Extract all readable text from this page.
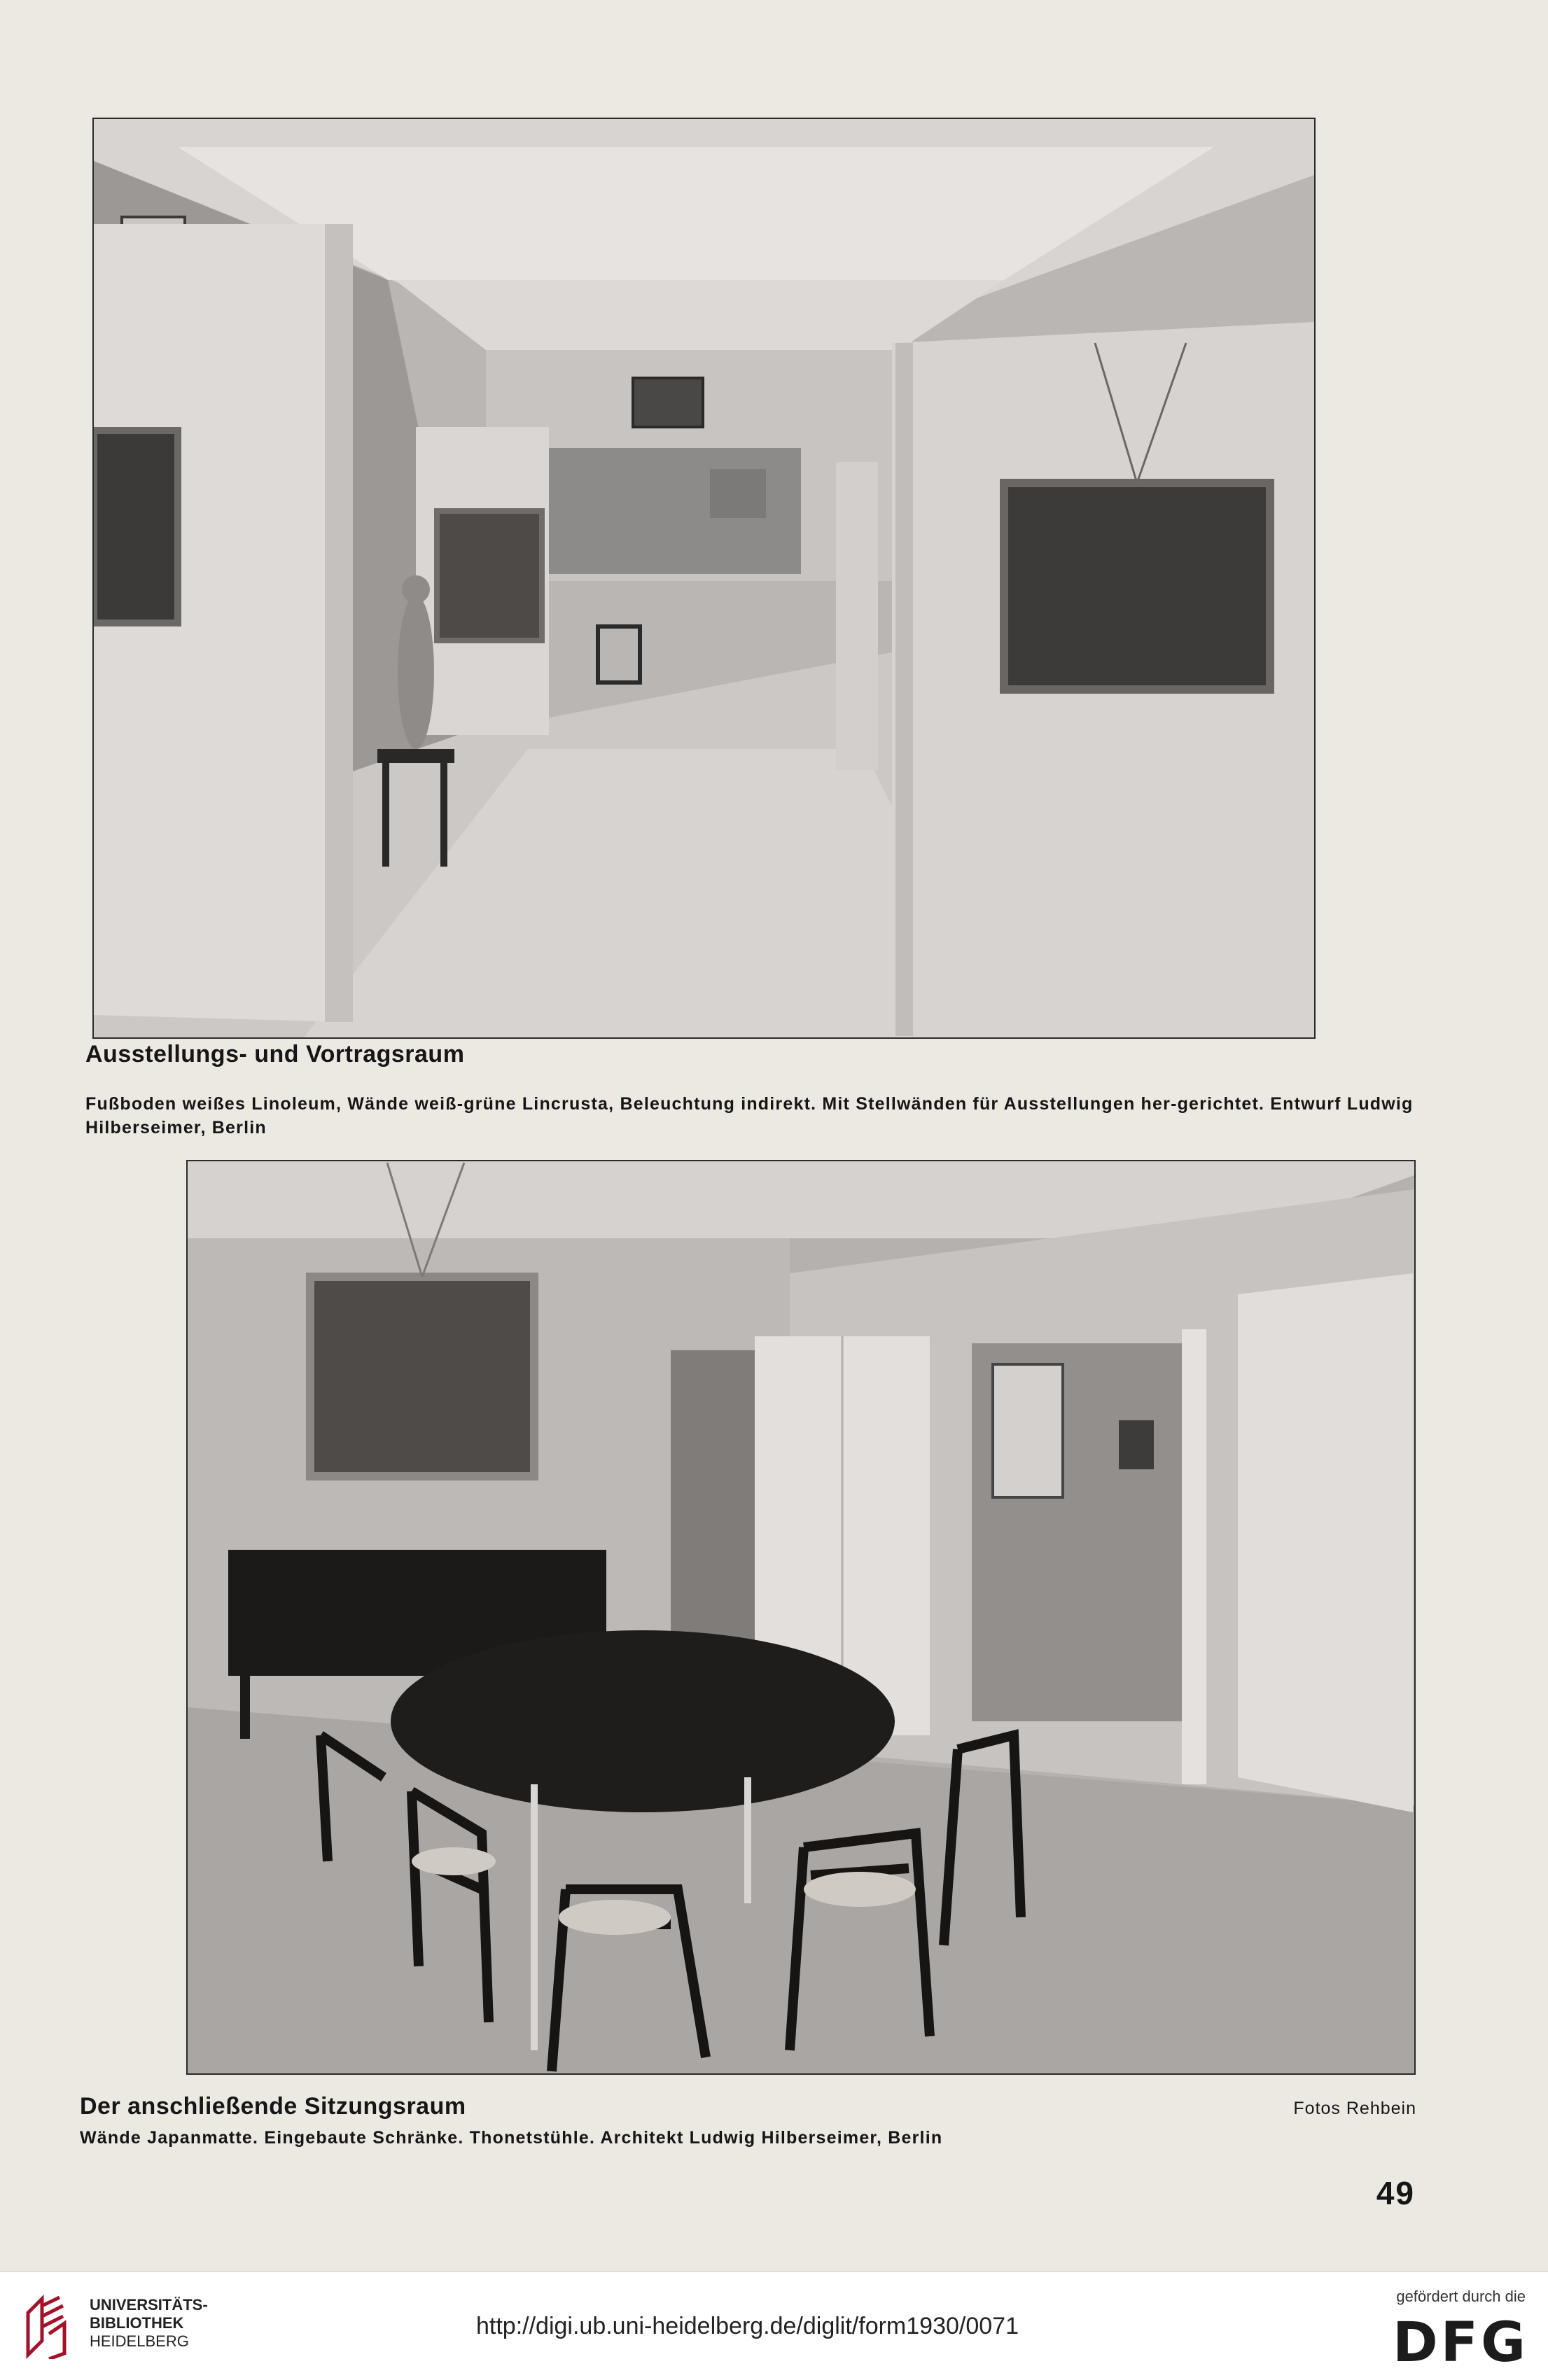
Ausstellungs- und Vortragsraum
Fußboden weißes Linoleum, Wände weiß-grüne Lincrusta, Beleuchtung indirekt. Mit Stellwänden für Ausstellungen her-gerichtet. Entwurf Ludwig Hilberseimer, Berlin
Der anschließende Sitzungsraum
Wände Japanmatte. Eingebaute Schränke. Thonetstühle. Architekt Ludwig Hilberseimer, Berlin
Fotos Rehbein
49
UNIVERSITÄTS-
BIBLIOTHEK
HEIDELBERG
http://digi.ub.uni-heidelberg.de/diglit/form1930/0071
gefördert durch die
DFG
